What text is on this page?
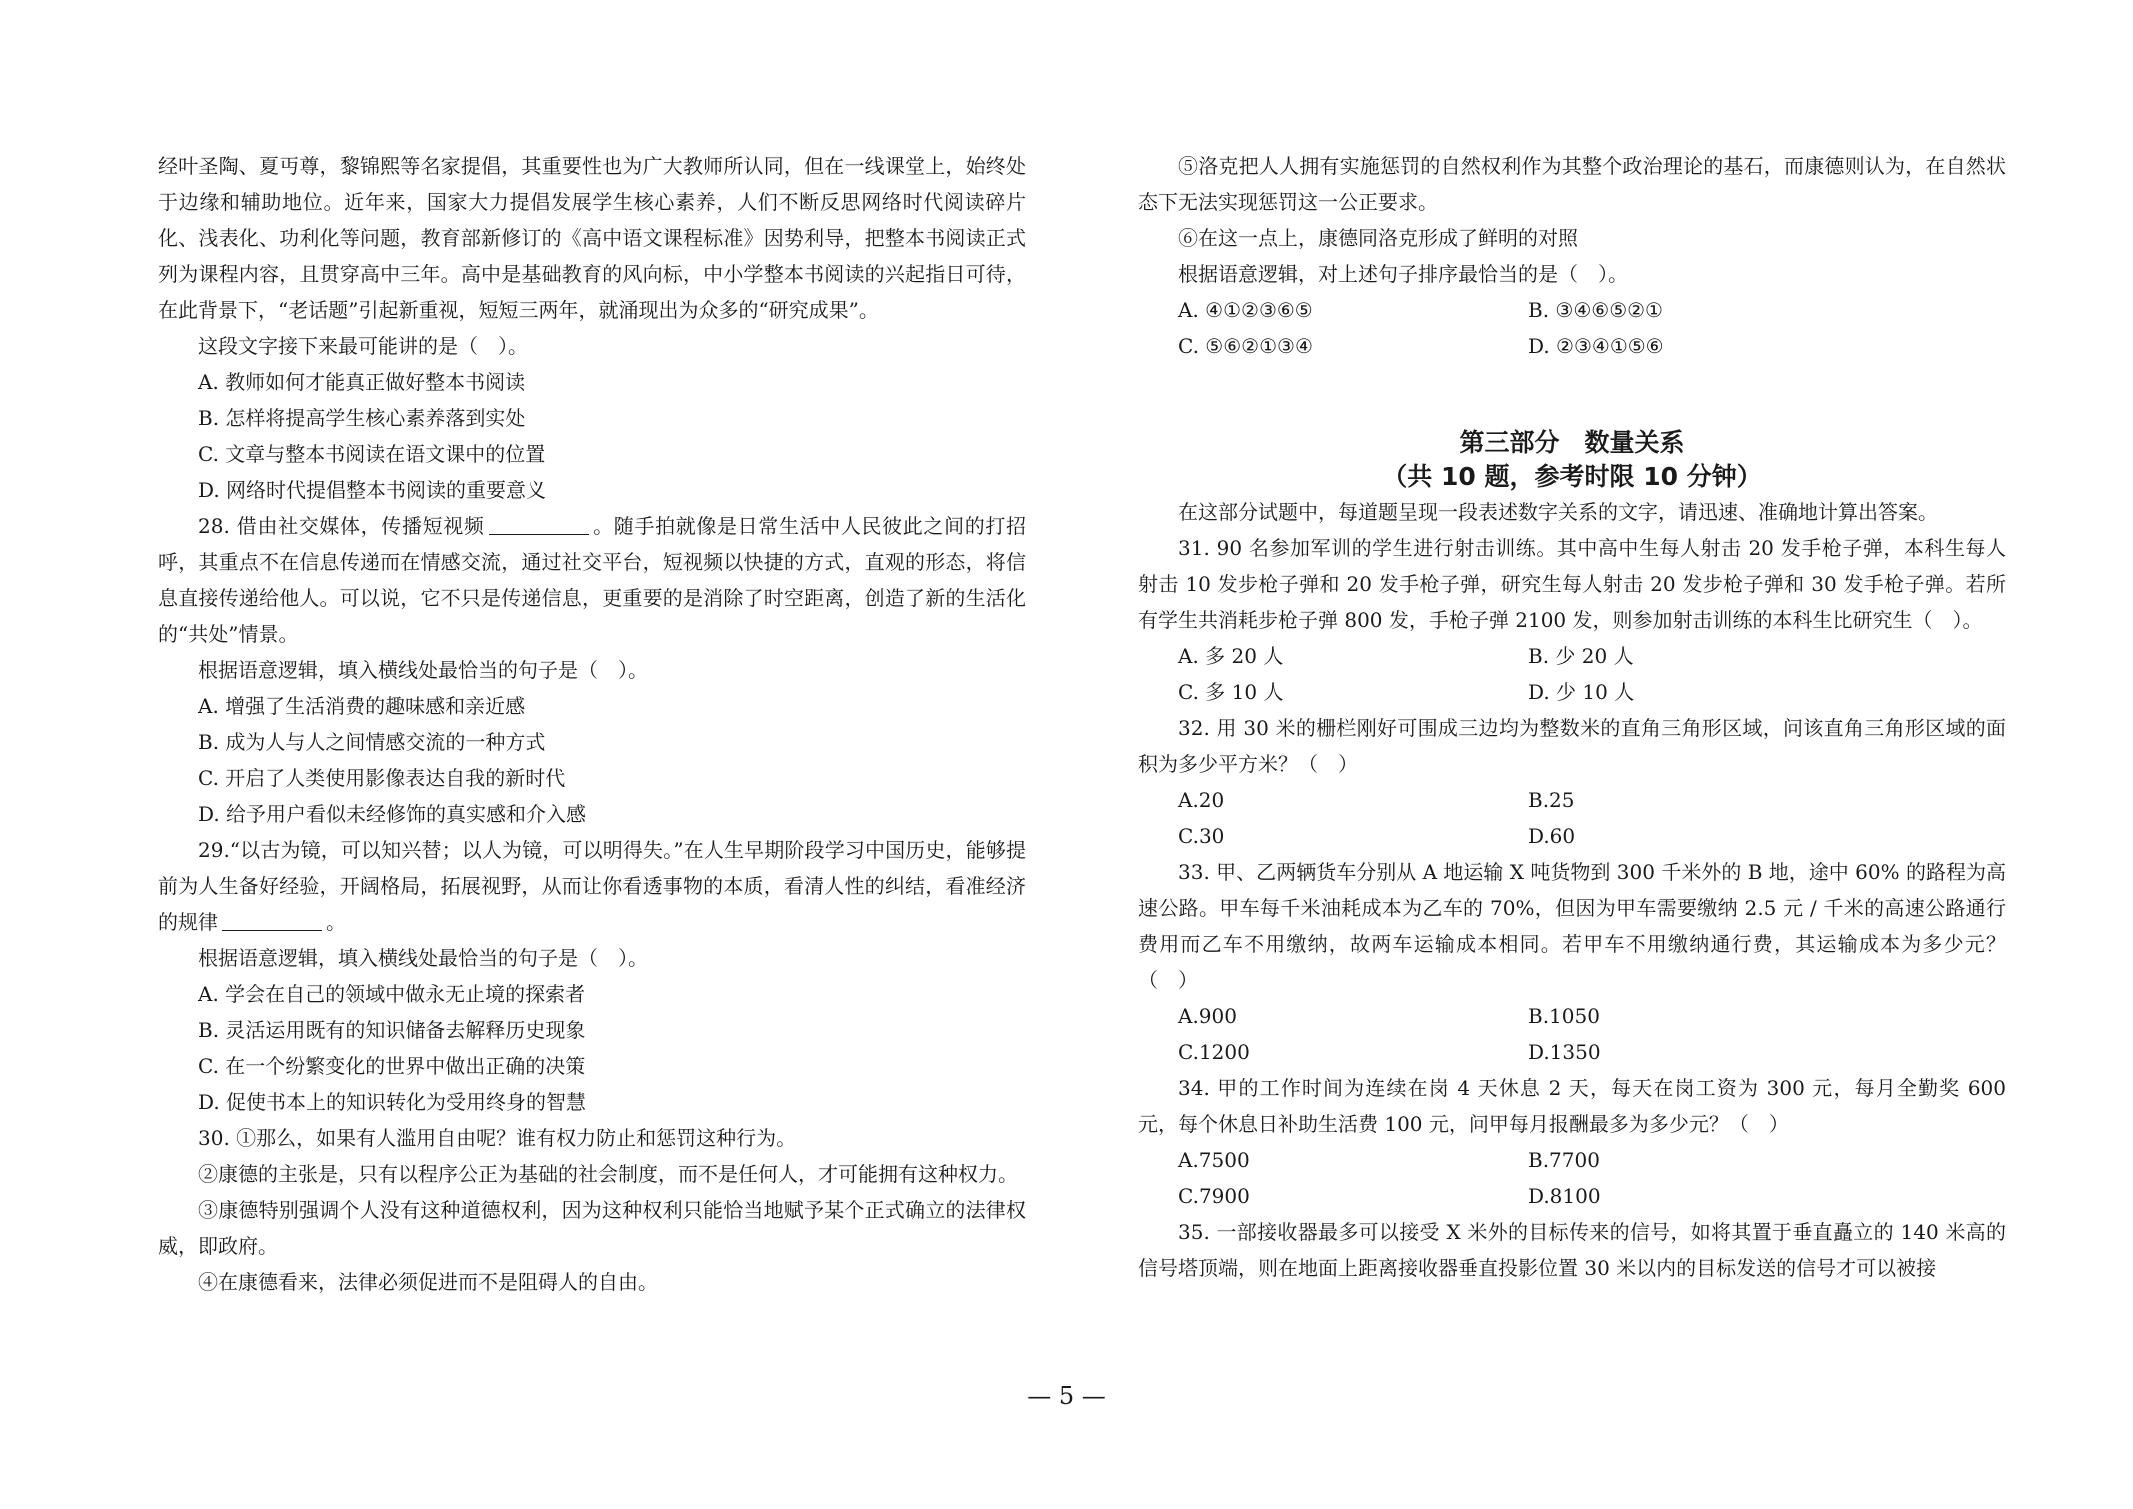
经叶圣陶、夏丏尊，黎锦熙等名家提倡，其重要性也为广大教师所认同，但在一线课堂上，始终处于边缘和辅助地位。近年来，国家大力提倡发展学生核心素养，人们不断反思网络时代阅读碎片化、浅表化、功利化等问题，教育部新修订的《高中语文课程标准》因势利导，把整本书阅读正式列为课程内容，且贯穿高中三年。高中是基础教育的风向标，中小学整本书阅读的兴起指日可待，在此背景下，“老话题”引起新重视，短短三两年，就涌现出为众多的“研究成果”。

这段文字接下来最可能讲的是（　）。
A. 教师如何才能真正做好整本书阅读
B. 怎样将提高学生核心素养落到实处
C. 文章与整本书阅读在语文课中的位置
D. 网络时代提倡整本书阅读的重要意义

28. 借由社交媒体，传播短视频	。随手拍就像是日常生活中人民彼此之间的打招呼，其重点不在信息传递而在情感交流，通过社交平台，短视频以快捷的方式，直观的形态，将信息直接传递给他人。可以说，它不只是传递信息，更重要的是消除了时空距离，创造了新的生活化的“共处”情景。

根据语意逻辑，填入横线处最恰当的句子是（　）。
A. 增强了生活消费的趣味感和亲近感
B. 成为人与人之间情感交流的一种方式
C. 开启了人类使用影像表达自我的新时代
D. 给予用户看似未经修饰的真实感和介入感

29.“以古为镜，可以知兴替；以人为镜，可以明得失。”在人生早期阶段学习中国历史，能够提前为人生备好经验，开阔格局，拓展视野，从而让你看透事物的本质，看清人性的纠结，看准经济的规律	。

根据语意逻辑，填入横线处最恰当的句子是（　）。
A. 学会在自己的领域中做永无止境的探索者
B. 灵活运用既有的知识储备去解释历史现象
C. 在一个纷繁变化的世界中做出正确的决策
D. 促使书本上的知识转化为受用终身的智慧
30. ①那么，如果有人滥用自由呢？谁有权力防止和惩罚这种行为。
②康德的主张是，只有以程序公正为基础的社会制度，而不是任何人，才可能拥有这种权力。

③康德特别强调个人没有这种道德权利，因为这种权利只能恰当地赋予某个正式确立的法律权威，即政府。

④在康德看来，法律必须促进而不是阻碍人的自由。

⑤洛克把人人拥有实施惩罚的自然权利作为其整个政治理论的基石，而康德则认为，在自然状态下无法实现惩罚这一公正要求。

⑥在这一点上，康德同洛克形成了鲜明的对照
根据语意逻辑，对上述句子排序最恰当的是（　）。
A. ④①②③⑥⑤	B. ③④⑥⑤②①
C. ⑤⑥②①③④	D. ②③④①⑤⑥
第三部分　数量关系
（共 10 题，参考时限 10 分钟）
在这部分试题中，每道题呈现一段表述数字关系的文字，请迅速、准确地计算出答案。

31. 90 名参加军训的学生进行射击训练。其中高中生每人射击 20 发手枪子弹，本科生每人射击 10 发步枪子弹和 20 发手枪子弹，研究生每人射击 20 发步枪子弹和 30 发手枪子弹。若所有学生共消耗步枪子弹 800 发，手枪子弹 2100 发，则参加射击训练的本科生比研究生（　）。

A. 多 20 人	B. 少 20 人
C. 多 10 人	D. 少 10 人

32. 用 30 米的栅栏刚好可围成三边均为整数米的直角三角形区域，问该直角三角形区域的面积为多少平方米？（　）

A.20	B.25
C.30	D.60

33. 甲、乙两辆货车分别从 A 地运输 X 吨货物到 300 千米外的 B 地，途中 60% 的路程为高速公路。甲车每千米油耗成本为乙车的 70%，但因为甲车需要缴纳 2.5 元 / 千米的高速公路通行费用而乙车不用缴纳，故两车运输成本相同。若甲车不用缴纳通行费，其运输成本为多少元？（　）

A.900	B.1050
C.1200	D.1350

34. 甲的工作时间为连续在岗 4 天休息 2 天，每天在岗工资为 300 元，每月全勤奖 600 元，每个休息日补助生活费 100 元，问甲每月报酬最多为多少元？（　）

A.7500	B.7700
C.7900	D.8100

35. 一部接收器最多可以接受 X 米外的目标传来的信号，如将其置于垂直矗立的 140 米高的信号塔顶端，则在地面上距离接收器垂直投影位置 30 米以内的目标发送的信号才可以被接

— 5 —
